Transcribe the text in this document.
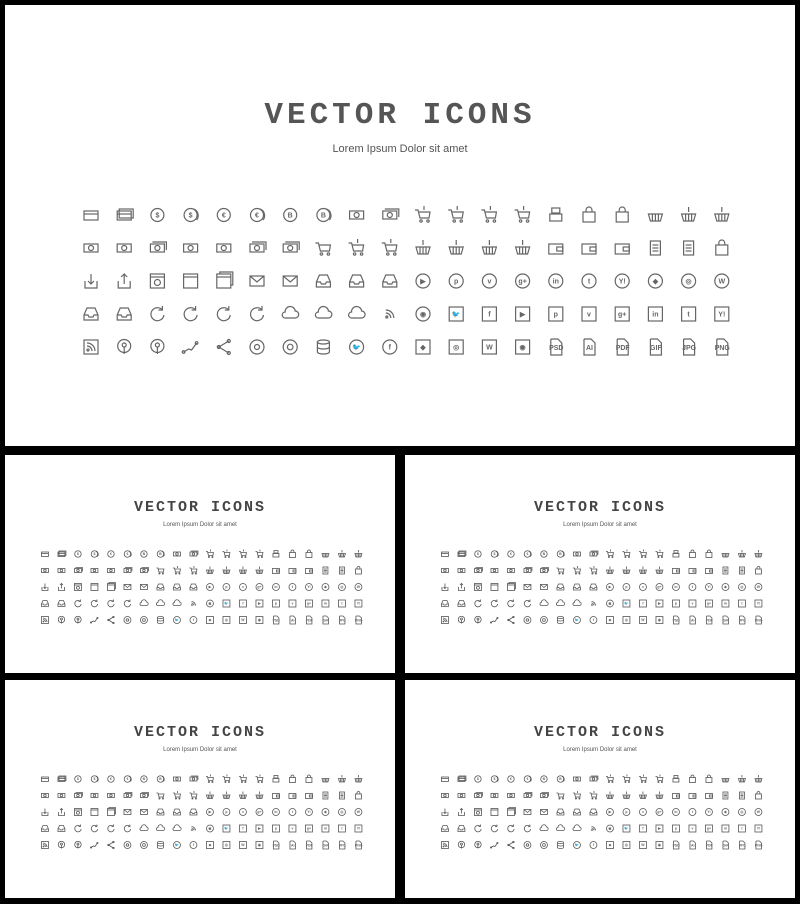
VECTOR ICONS
Lorem Ipsum Dolor sit amet
$	$	€	€	B	B
▶	p	v	g+	in	t	Y!	◆	◎	W
◉	🐦	f	▶	p	v	g+	in	t	Y!
🐦	f	◆	◎	W	◉	PSD	AI	PDF	GIF	JPG	PNG
VECTOR ICONS
Lorem Ipsum Dolor sit amet
$ $ € € B B
▶ p v g+ in t Y! ◆ ◎ W
◉ 🐦 f ▶ p v g+ in t Y!
🐦 f ◆ ◎ W ◉ PSD AI PDF GIF JPG PNG
VECTOR ICONS
Lorem Ipsum Dolor sit amet
$ $ € € B B
▶ p v g+ in t Y! ◆ ◎ W
◉ 🐦 f ▶ p v g+ in t Y!
🐦 f ◆ ◎ W ◉ PSD AI PDF GIF JPG PNG
VECTOR ICONS
Lorem Ipsum Dolor sit amet
$ $ € € B B
▶ p v g+ in t Y! ◆ ◎ W
◉ 🐦 f ▶ p v g+ in t Y!
🐦 f ◆ ◎ W ◉ PSD AI PDF GIF JPG PNG
VECTOR ICONS
Lorem Ipsum Dolor sit amet
$ $ € € B B
▶ p v g+ in t Y! ◆ ◎ W
◉ 🐦 f ▶ p v g+ in t Y!
🐦 f ◆ ◎ W ◉ PSD AI PDF GIF JPG PNG
